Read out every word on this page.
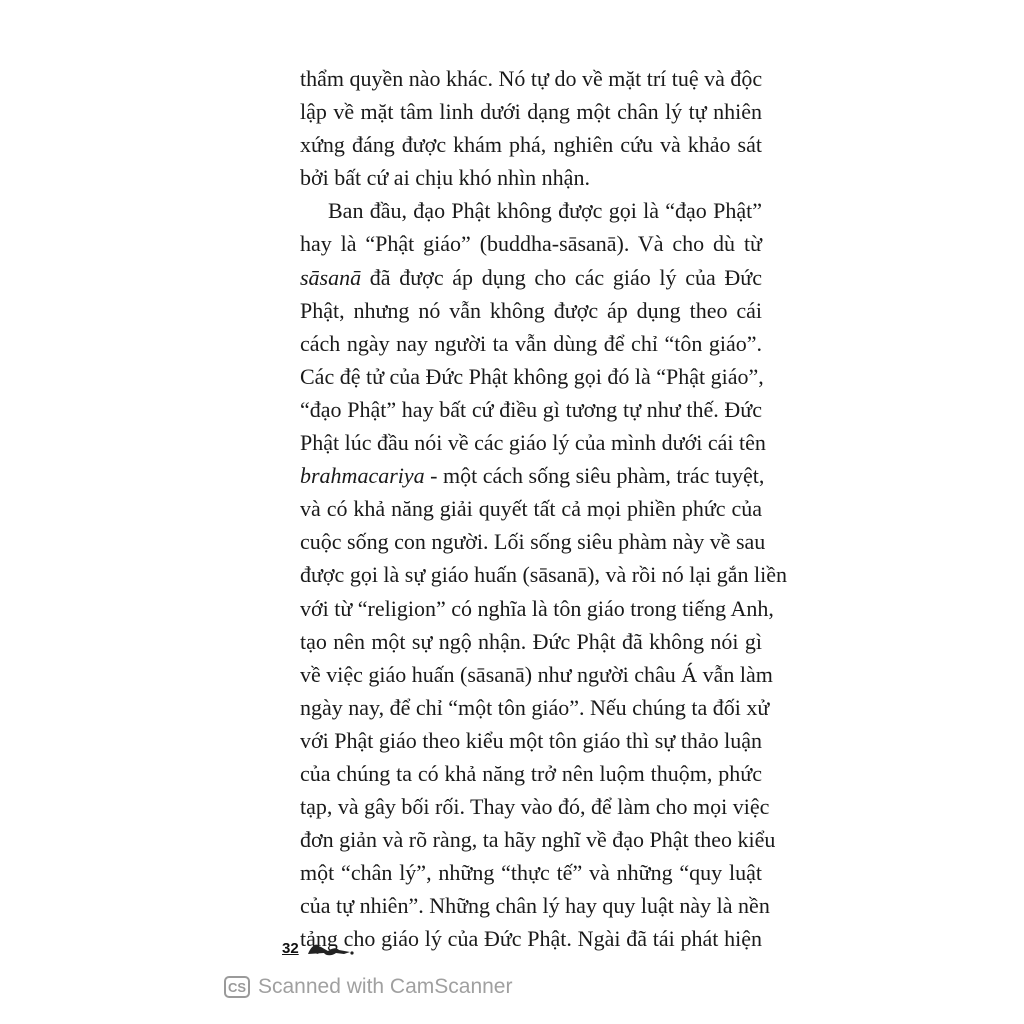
thẩm quyền nào khác. Nó tự do về mặt trí tuệ và độc
lập về mặt tâm linh dưới dạng một chân lý tự nhiên
xứng đáng được khám phá, nghiên cứu và khảo sát
bởi bất cứ ai chịu khó nhìn nhận.
Ban đầu, đạo Phật không được gọi là “đạo Phật”
hay là “Phật giáo” (buddha-sāsanā). Và cho dù từ
sāsanā đã được áp dụng cho các giáo lý của Đức
Phật, nhưng nó vẫn không được áp dụng theo cái
cách ngày nay người ta vẫn dùng để chỉ “tôn giáo”.
Các đệ tử của Đức Phật không gọi đó là “Phật giáo”,
“đạo Phật” hay bất cứ điều gì tương tự như thế. Đức
Phật lúc đầu nói về các giáo lý của mình dưới cái tên
brahmacariya - một cách sống siêu phàm, trác tuyệt,
và có khả năng giải quyết tất cả mọi phiền phức của
cuộc sống con người. Lối sống siêu phàm này về sau
được gọi là sự giáo huấn (sāsanā), và rồi nó lại gắn liền
với từ “religion” có nghĩa là tôn giáo trong tiếng Anh,
tạo nên một sự ngộ nhận. Đức Phật đã không nói gì
về việc giáo huấn (sāsanā) như người châu Á vẫn làm
ngày nay, để chỉ “một tôn giáo”. Nếu chúng ta đối xử
với Phật giáo theo kiểu một tôn giáo thì sự thảo luận
của chúng ta có khả năng trở nên luộm thuộm, phức
tạp, và gây bối rối. Thay vào đó, để làm cho mọi việc
đơn giản và rõ ràng, ta hãy nghĩ về đạo Phật theo kiểu
một “chân lý”, những “thực tế” và những “quy luật
của tự nhiên”. Những chân lý hay quy luật này là nền
tảng cho giáo lý của Đức Phật. Ngài đã tái phát hiện
32
CS Scanned with CamScanner
